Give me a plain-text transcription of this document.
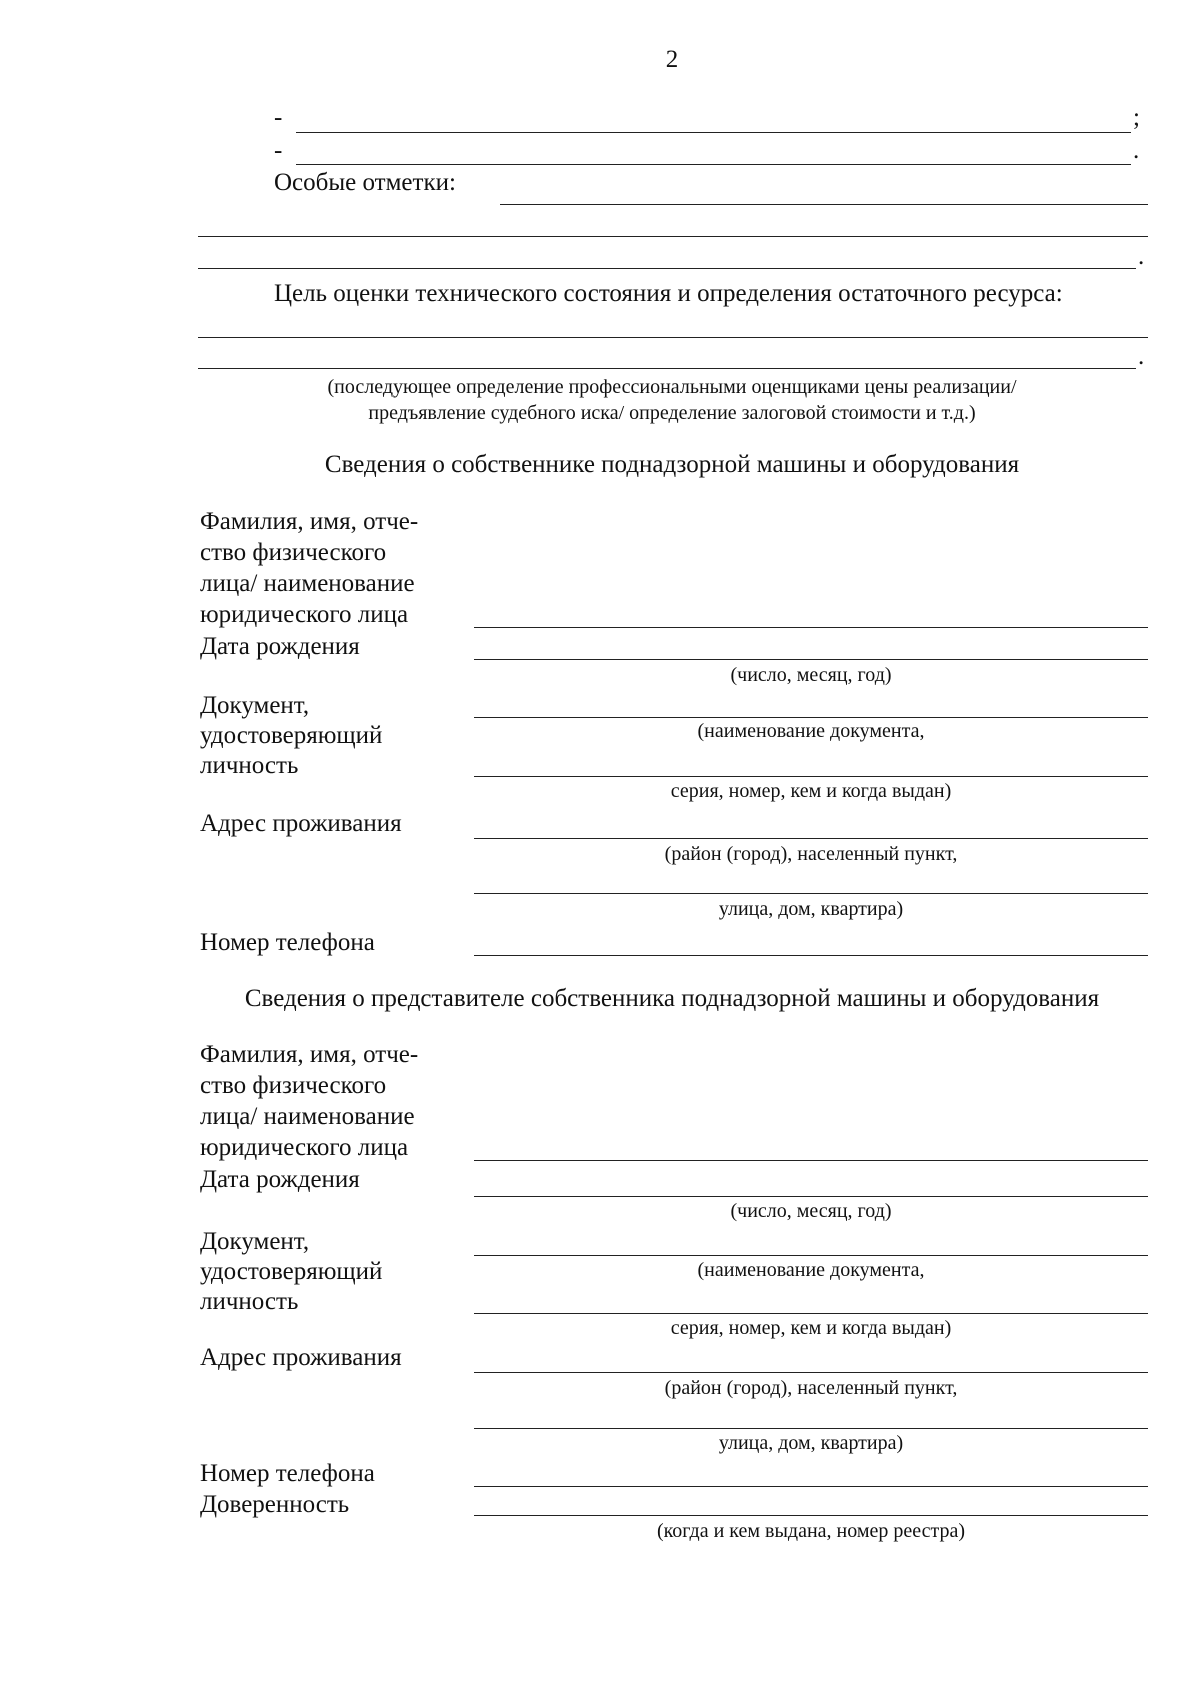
2
-	;
-	.
Особые отметки:
.
Цель оценки технического состояния и определения остаточного ресурса:
.
(последующее определение профессиональными оценщиками цены реализации/
предъявление судебного иска/ определение залоговой стоимости и т.д.)
Сведения о собственнике поднадзорной машины и оборудования
Фамилия, имя, отче-
ство физического
лица/ наименование
юридического лица
Дата рождения
(число, месяц, год)
Документ,
удостоверяющий
личность
(наименование документа,
серия, номер, кем и когда выдан)
Адрес проживания
(район (город), населенный пункт,
улица, дом, квартира)
Номер телефона
Сведения о представителе собственника поднадзорной машины и оборудования
Фамилия, имя, отче-
ство физического
лица/ наименование
юридического лица
Дата рождения
(число, месяц, год)
Документ,
удостоверяющий
личность
(наименование документа,
серия, номер, кем и когда выдан)
Адрес проживания
(район (город), населенный пункт,
улица, дом, квартира)
Номер телефона
Доверенность
(когда и кем выдана, номер реестра)
